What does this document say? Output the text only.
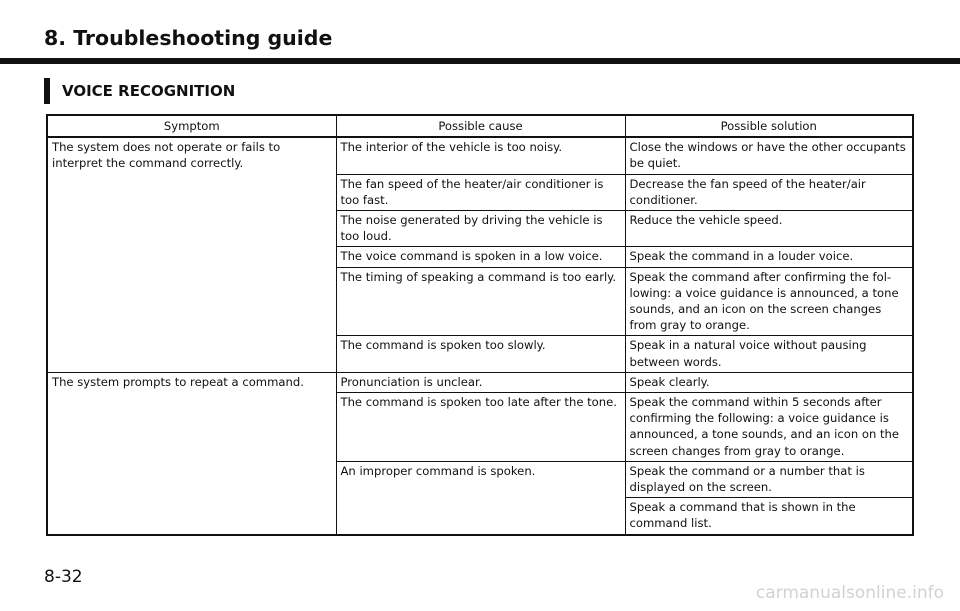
8. Troubleshooting guide
VOICE RECOGNITION
Symptom	Possible cause	Possible solution
The system does not operate or fails to interpret the command correctly.	The interior of the vehicle is too noisy.	Close the windows or have the other occupants be quiet.
	The fan speed of the heater/air conditioner is too fast.	Decrease the fan speed of the heater/air conditioner.
	The noise generated by driving the vehicle is too loud.	Reduce the vehicle speed.
	The voice command is spoken in a low voice.	Speak the command in a louder voice.
	The timing of speaking a command is too early.	Speak the command after confirming the fol-lowing: a voice guidance is announced, a tone sounds, and an icon on the screen changes from gray to orange.
	The command is spoken too slowly.	Speak in a natural voice without pausing between words.
The system prompts to repeat a command.	Pronunciation is unclear.	Speak clearly.
	The command is spoken too late after the tone.	Speak the command within 5 seconds after confirming the following: a voice guidance is announced, a tone sounds, and an icon on the screen changes from gray to orange.
	An improper command is spoken.	Speak the command or a number that is displayed on the screen.
		Speak a command that is shown in the command list.
8-32
carmanualsonline.info
